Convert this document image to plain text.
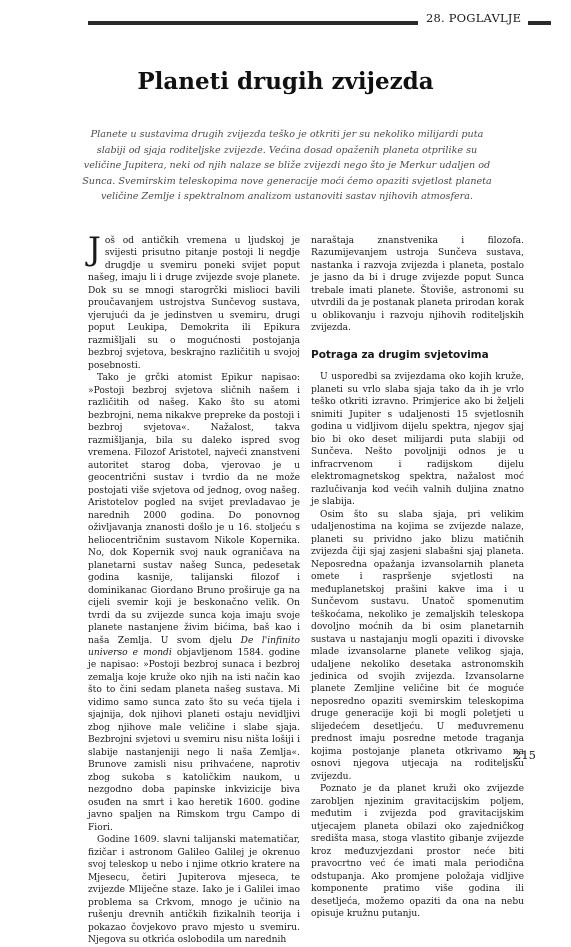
28. POGLAVLJE
Planeti drugih zvijezda

Planete u sustavima drugih zvijezda teško je otkriti jer su nekoliko milijardi puta slabiji od sjaja roditeljske zvijezde. Većina dosad opaženih planeta otprilike su veličine Jupitera, neki od njih nalaze se bliže zvijezdi nego što je Merkur udaljen od Sunca. Svemirskim teleskopima nove generacije moći ćemo opaziti svjetlost planeta veličine Zemlje i spektralnom analizom ustanoviti sastav njihovih atmosfera.

Još od antičkih vremena u ljudskoj je svijesti prisutno pitanje postoji li negdje drugdje u svemiru poneki svijet poput našeg, imaju li i druge zvijezde svoje planete. Dok su se mnogi starogrčki mislioci bavili proučavanjem ustrojstva Sunčevog sustava, vjerujući da je jedinstven u svemiru, drugi poput Leukipa, Demokrita ili Epikura razmišljali su o mogućnosti postojanja bezbroj svjetova, beskrajno različitih u svojoj posebnosti.

Tako je grčki atomist Epikur napisao: »Postoji bezbroj svjetova sličnih našem i različitih od našeg. Kako što su atomi bezbrojni, nema nikakve prepreke da postoji i bezbroj svjetova«. Nažalost, takva razmišljanja, bila su daleko ispred svog vremena. Filozof Aristotel, najveći znanstveni autoritet starog doba, vjerovao je u geocentrični sustav i tvrdio da ne može postojati više svjetova od jednog, ovog našeg. Aristotelov pogled na svijet prevladavao je narednih 2000 godina. Do ponovnog oživljavanja znanosti došlo je u 16. stoljeću s heliocentričnim sustavom Nikole Kopernika. No, dok Kopernik svoj nauk ograničava na planetarni sustav našeg Sunca, pedesetak godina kasnije, talijanski filozof i dominikanac Giordano Bruno proširuje ga na cijeli svemir koji je beskonačno velik. On tvrdi da su zvijezde sunca koja imaju svoje planete nastanjene živim bićima, baš kao i naša Zemlja. U svom djelu De l'infinito universo e mondi objavljenom 1584. godine je napisao: »Postoji bezbroj sunaca i bezbroj zemalja koje kruže oko njih na isti način kao što to čini sedam planeta našeg sustava. Mi vidimo samo sunca zato što su veća tijela i sjajnija, dok njihovi planeti ostaju nevidljivi zbog njihove male veličine i slabe sjaja. Bezbrojni svjetovi u svemiru nisu ništa lošiji i slabije nastanjeniji nego li naša Zemlja«. Brunove zamisli nisu prihvaćene, naprotiv zbog sukoba s katoličkim naukom, u nezgodno doba papinske inkvizicije biva osuđen na smrt i kao heretik 1600. godine javno spaljen na Rimskom trgu Campo di Fiori.

Godine 1609. slavni talijanski matematičar, fizičar i astronom Galileo Galilej je okrenuo svoj teleskop u nebo i njime otkrio kratere na Mjesecu, četiri Jupiterova mjeseca, te zvijezde Mliječne staze. Iako je i Galilei imao problema sa Crkvom, mnogo je učinio na rušenju drevnih antičkih fizikalnih teorija i pokazao čovjekovo pravo mjesto u svemiru. Njegova su otkrića oslobodila um narednih

naraštaja znanstvenika i filozofa. Razumijevanjem ustroja Sunčeva sustava, nastanka i razvoja zvijezda i planeta, postalo je jasno da bi i druge zvijezde poput Sunca trebale imati planete. Štoviše, astronomi su utvrdili da je postanak planeta prirodan korak u oblikovanju i razvoju njihovih roditeljskih zvijezda.

Potraga za drugim svjetovima

U usporedbi sa zvijezdama oko kojih kruže, planeti su vrlo slaba sjaja tako da ih je vrlo teško otkriti izravno. Primjerice ako bi željeli snimiti Jupiter s udaljenosti 15 svjetlosnih godina u vidljivom dijelu spektra, njegov sjaj bio bi oko deset milijardi puta slabiji od Sunčeva. Nešto povoljniji odnos je u infracrvenom i radijskom dijelu elektromagnetskog spektra, nažalost moć razlučivanja kod većih valnih duljina znatno je slabija.

Osim što su slaba sjaja, pri velikim udaljenostima na kojima se zvijezde nalaze, planeti su prividno jako blizu matičnih zvijezda čiji sjaj zasjeni slabašni sjaj planeta. Neposredna opažanja izvansolarnih planeta omete i raspršenje svjetlosti na međuplanetskoj prašini kakve ima i u Sunčevom sustavu. Unatoč spomenutim teškoćama, nekoliko je zemaljskih teleskopa dovoljno moćnih da bi osim planetarnih sustava u nastajanju mogli opaziti i divovske mlade izvansolarne planete velikog sjaja, udaljene nekoliko desetaka astronomskih jedinica od svojih zvijezda. Izvansolarne planete Zemljine veličine bit će moguće neposredno opaziti svemirskim teleskopima druge generacije koji bi mogli poletjeti u slijedećem desetljeću. U međuvremenu prednost imaju posredne metode traganja kojima postojanje planeta otkrivamo na osnovi njegova utjecaja na roditeljsku zvijezdu.

Poznato je da planet kruži oko zvijezde zarobljen njezinim gravitacijskim poljem, međutim i zvijezda pod gravitacijskim utjecajem planeta obilazi oko zajedničkog središta masa, stoga vlastito gibanje zvijezde kroz međuzvjezdani prostor neće biti pravocrtno već će imati mala periodična odstupanja. Ako promjene položaja vidljive komponente pratimo više godina ili desetljeća, možemo opaziti da ona na nebu opisuje kružnu putanju.

215
